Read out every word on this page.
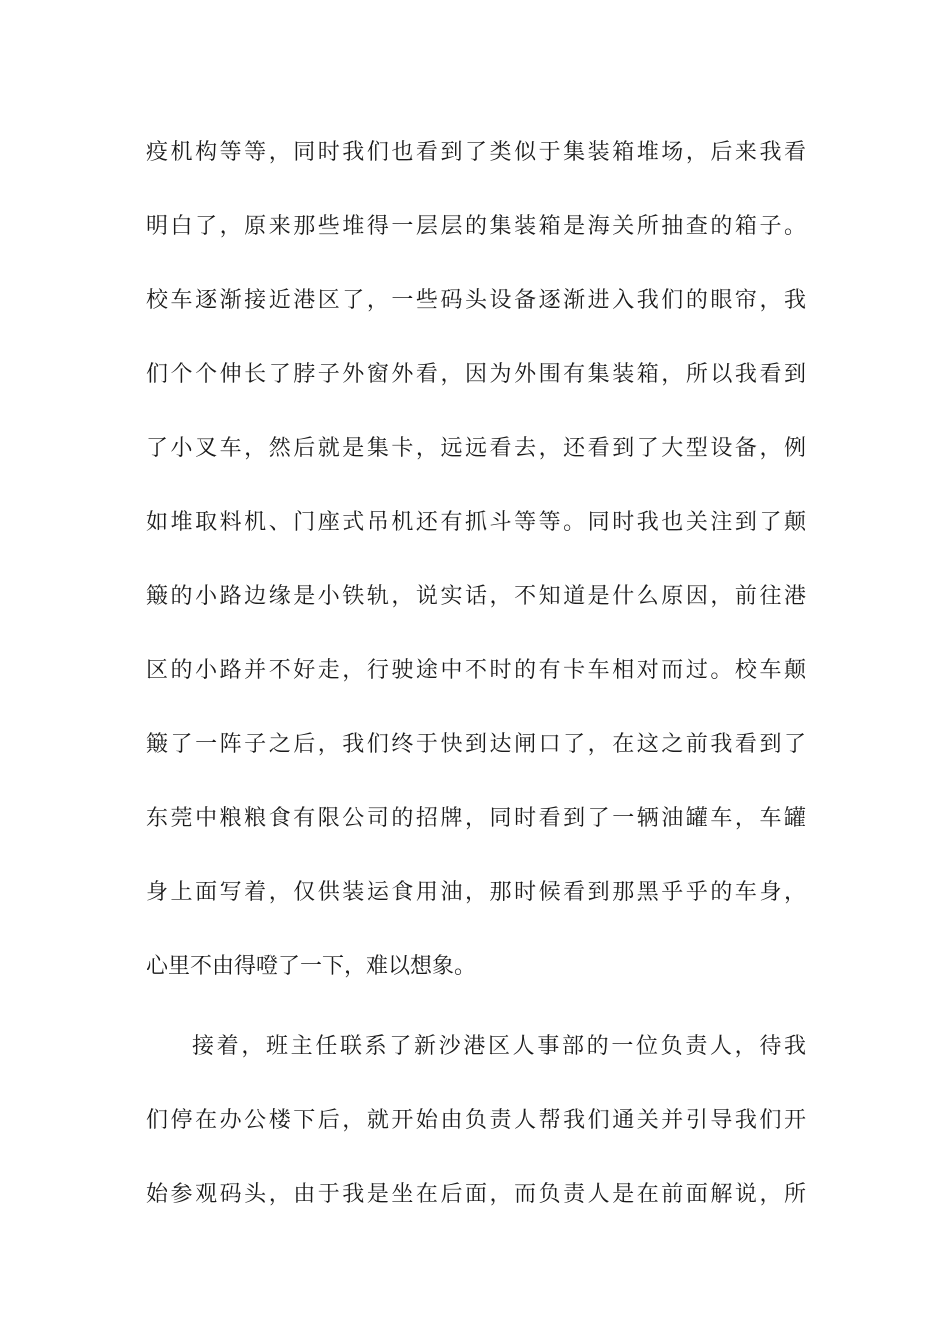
疫机构等等，同时我们也看到了类似于集装箱堆场，后来我看
明白了，原来那些堆得一层层的集装箱是海关所抽查的箱子。
校车逐渐接近港区了，一些码头设备逐渐进入我们的眼帘，我
们个个伸长了脖子外窗外看，因为外围有集装箱，所以我看到
了小叉车，然后就是集卡，远远看去，还看到了大型设备，例
如堆取料机、门座式吊机还有抓斗等等。同时我也关注到了颠
簸的小路边缘是小铁轨，说实话，不知道是什么原因，前往港
区的小路并不好走，行驶途中不时的有卡车相对而过。校车颠
簸了一阵子之后，我们终于快到达闸口了，在这之前我看到了
东莞中粮粮食有限公司的招牌，同时看到了一辆油罐车，车罐
身上面写着，仅供装运食用油，那时候看到那黑乎乎的车身，
心里不由得噔了一下，难以想象。
接着，班主任联系了新沙港区人事部的一位负责人，待我
们停在办公楼下后，就开始由负责人帮我们通关并引导我们开
始参观码头，由于我是坐在后面，而负责人是在前面解说，所
